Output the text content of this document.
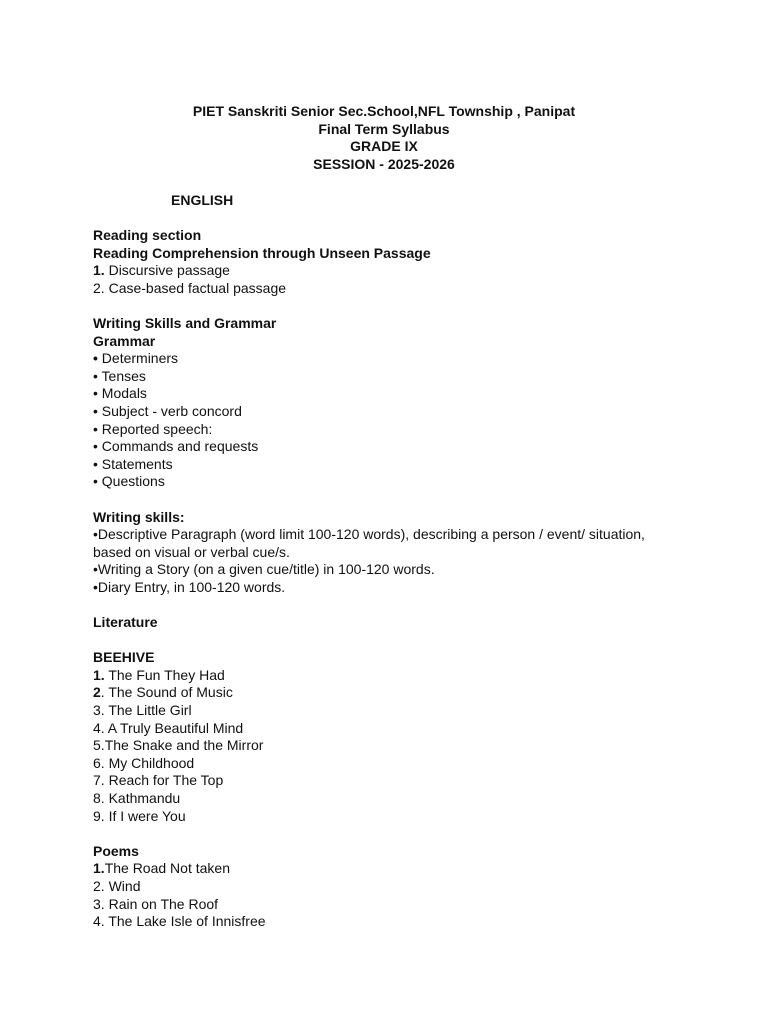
PIET Sanskriti Senior Sec.School,NFL Township , Panipat
Final Term Syllabus
GRADE IX
SESSION - 2025-2026
ENGLISH
Reading section
Reading Comprehension through Unseen Passage
1. Discursive passage
2. Case-based factual passage
Writing Skills and Grammar
Grammar
• Determiners
• Tenses
• Modals
• Subject - verb concord
• Reported speech:
• Commands and requests
• Statements
• Questions
Writing skills:
•Descriptive Paragraph (word limit 100-120 words), describing a person / event/ situation, based on visual or verbal cue/s.
•Writing a Story (on a given cue/title) in 100-120 words.
•Diary Entry, in 100-120 words.
Literature
BEEHIVE
1. The Fun They Had
2. The Sound of Music
3. The Little Girl
4. A Truly Beautiful Mind
5.The Snake and the Mirror
6. My Childhood
7. Reach for The Top
8. Kathmandu
9. If I were You
Poems
1.The Road Not taken
2. Wind
3. Rain on The Roof
4. The Lake Isle of Innisfree
